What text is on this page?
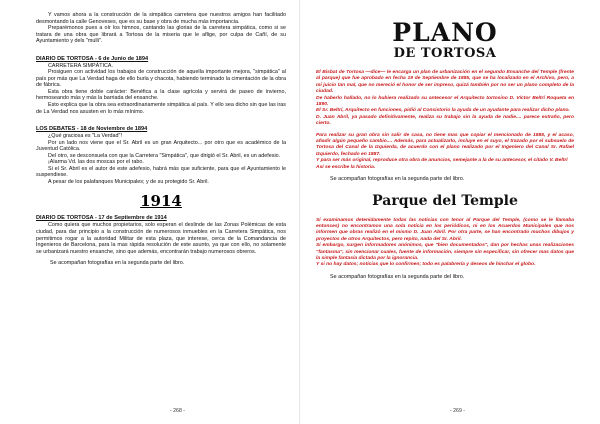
Y vamos ahora a la construcción de la simpática carretera que nuestros amigos han facilitado desmontando la calle Genoveses, que es su base y obra de mucha más importancia.

Preparémonos pues a oír los himnos, cantando las glorias de la carretera simpática, como si se tratara de una obra que librará a Tortosa de la miseria que le aflige, por culpa de Cañí, de su Ayuntamiento y dels "mulli".

DIARIO DE TORTOSA - 6 de Junio de 1894

CARRETERA SIMPÁTICA.

Prosiguen con actividad los trabajos de construcción de aquella importante mejora, "simpática" al país por más que La Verdad haga de ello burla y chacota, habiendo terminado la cimentación de la obra de fábrica.

Esta obra tiene doble carácter: Benéfica a la clase agrícola y servirá de paseo de invierno, hermoseando más y más la barriada del ensanche.

Esto explica que la obra sea extraordinariamente simpática al país. Y ello sea dicho sin que las iras de La Verdad nos asusten en lo más mínimo.

LOS DEBATES - 18 de Noviembre de 1894

¿Qué graciosa es "La Verdad"!

Por un lado nos viene que el Sr. Abril es un gran Arquitecto... por otro que es académico de la Juventud Católica.

Del otro, se desconsuela con que la Carretera "Simpática", que dirigió el Sr. Abril, es un adefesio.

¡Alarma Vd. las dos moscas por el rabo.

Si el Sr. Abril es el autor de este adefesio, habrá más que suficiente, para que el Ayuntamiento le suspendiese.

A pesar de los palafanques Municipales; y de su protegido Sr. Abril.

1914

DIARIO DE TORTOSA - 17 de Septiembre de 1914

Como quiera que muchos propietarios, solo esperan el deslinde de las Zonas Polémicas de esta ciudad, para dar principio a la construcción de numerosos inmuebles en la Carretera Simpática, nos permitimos rogar a la autoridad Militar de esta plaza, que interese, cerca de la Comandancia de Ingenieros de Barcelona, para la mas rápida resolución de este asunto, ya que con ello, no solamente se urbanizará nuestro ensanche, sino que además, encontrarán trabajo numerosos obreros.

Se acompañan fotografías en la segunda parte del libro.

- 268 -
PLANO
DE TORTOSA

El Bisbat de Tortosa —dice— le encarga un plan de urbanización en el segundo Ensanche del Temple (frente al parque) que fue aprobado en fecha 19 de Septiembre de 1885, que se ha localizado en el Archivo, pero, a mi juicio tan mal, que no mereció el honor de ser impreso, quizá también por no ser un plano completo de la ciudad.

De haberlo hallado, no lo hubiera realizado su antecesor el Arquitecto tortosino D. Víctor Beltrí Roqueta en 1890.

El Sr. Beltrí, Arquitecto en funciones, pidió al Consistorio la ayuda de un ayudante para realizar dicho plano.

D. Juan Abril, ya pasado definitivamente, realiza su trabajo sin la ayuda de nadie.... parece extraño, pero cierto.

Para realizar su gran obra sin salir de casa, no tiene mas que copiar el mencionado de 1885, y el acaso, añadir algún pequeño cambio.... Además, para actualizarlo, incluye en el suyo, el trazado por el subsuelo de Tortosa del Canal de la Izquierda, de acuerdo con el plano realizado por el Ingeniero del Canal Sr. Rafael Izquierdo, fechado en 1887.

Y para ser más original, reproduce otra obra de anuncios, semejante a la de su antecesor, el citado V. Beltrí

Así se escribe la historia.

Se acompañan fotografías en la segunda parte del libro.

Parque del Temple

Si examinamos detenidamente todas las noticias con tenor al Parque del Temple, (como se le llamaba entonces) no encontramos una sola noticia en los periódicos, ni en los Acuerdos Municipales que nos informen que obras realizó en el mismo D. Juan Abril. Por otra parte, se han encontrado muchos dibujos y proyectos de otros Arquitectos, pero repito, nada del Sr. Abril.

Si embargo, surgen informadores anónimos, que "bien documentados", dan por hechas unas realizaciones "fantasma", sin mencionar cuales, fuente de información, siempre sin especificar, sin ofrecer mas datos que la simple fantasía dictada por la ignorancia.

Y si no hay datos; noticias que lo confirmen; todo es palabrería y deseos de hinchar el globo.

Se acompañan fotografías en la segunda parte del libro.

- 269 -
